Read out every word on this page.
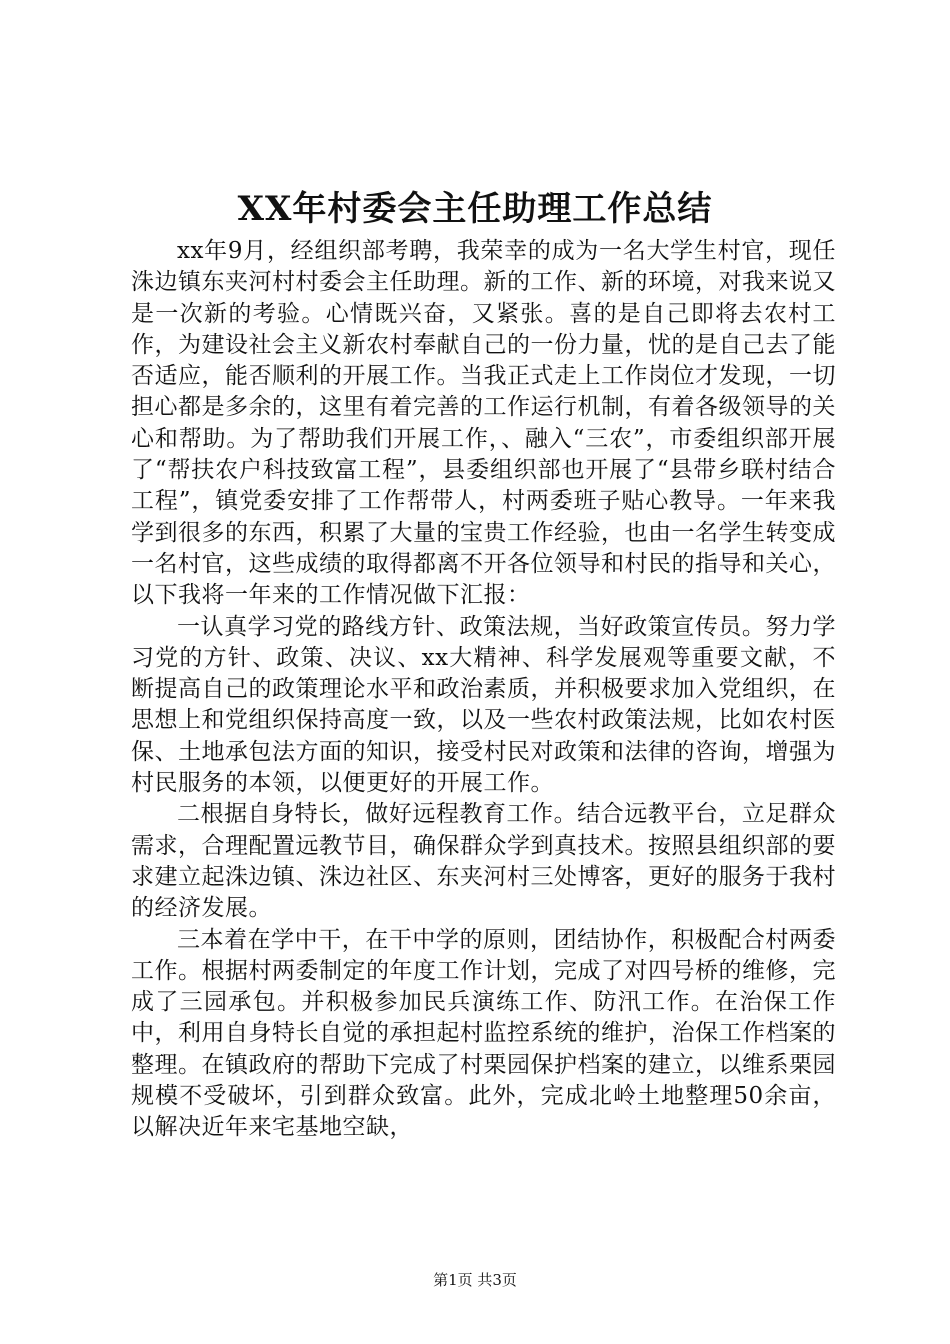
XX年村委会主任助理工作总结

xx年9月，经组织部考聘，我荣幸的成为一名大学生村官，现任洙边镇东夹河村村委会主任助理。新的工作、新的环境，对我来说又是一次新的考验。心情既兴奋，又紧张。喜的是自己即将去农村工作，为建设社会主义新农村奉献自己的一份力量，忧的是自己去了能否适应，能否顺利的开展工作。当我正式走上工作岗位才发现，一切担心都是多余的，这里有着完善的工作运行机制，有着各级领导的关心和帮助。为了帮助我们开展工作，、融入“三农”，市委组织部开展了“帮扶农户科技致富工程”，县委组织部也开展了“县带乡联村结合工程”，镇党委安排了工作帮带人，村两委班子贴心教导。一年来我学到很多的东西，积累了大量的宝贵工作经验，也由一名学生转变成一名村官，这些成绩的取得都离不开各位领导和村民的指导和关心，以下我将一年来的工作情况做下汇报：

一认真学习党的路线方针、政策法规，当好政策宣传员。努力学习党的方针、政策、决议、xx大精神、科学发展观等重要文献，不断提高自己的政策理论水平和政治素质，并积极要求加入党组织，在思想上和党组织保持高度一致，以及一些农村政策法规，比如农村医保、土地承包法方面的知识，接受村民对政策和法律的咨询，增强为村民服务的本领，以便更好的开展工作。

二根据自身特长，做好远程教育工作。结合远教平台，立足群众需求，合理配置远教节目，确保群众学到真技术。按照县组织部的要求建立起洙边镇、洙边社区、东夹河村三处博客，更好的服务于我村的经济发展。

三本着在学中干，在干中学的原则，团结协作，积极配合村两委工作。根据村两委制定的年度工作计划，完成了对四号桥的维修，完成了三园承包。并积极参加民兵演练工作、防汛工作。在治保工作中，利用自身特长自觉的承担起村监控系统的维护，治保工作档案的整理。在镇政府的帮助下完成了村栗园保护档案的建立，以维系栗园规模不受破坏，引到群众致富。此外，完成北岭土地整理50余亩，以解决近年来宅基地空缺，

第1页 共3页
